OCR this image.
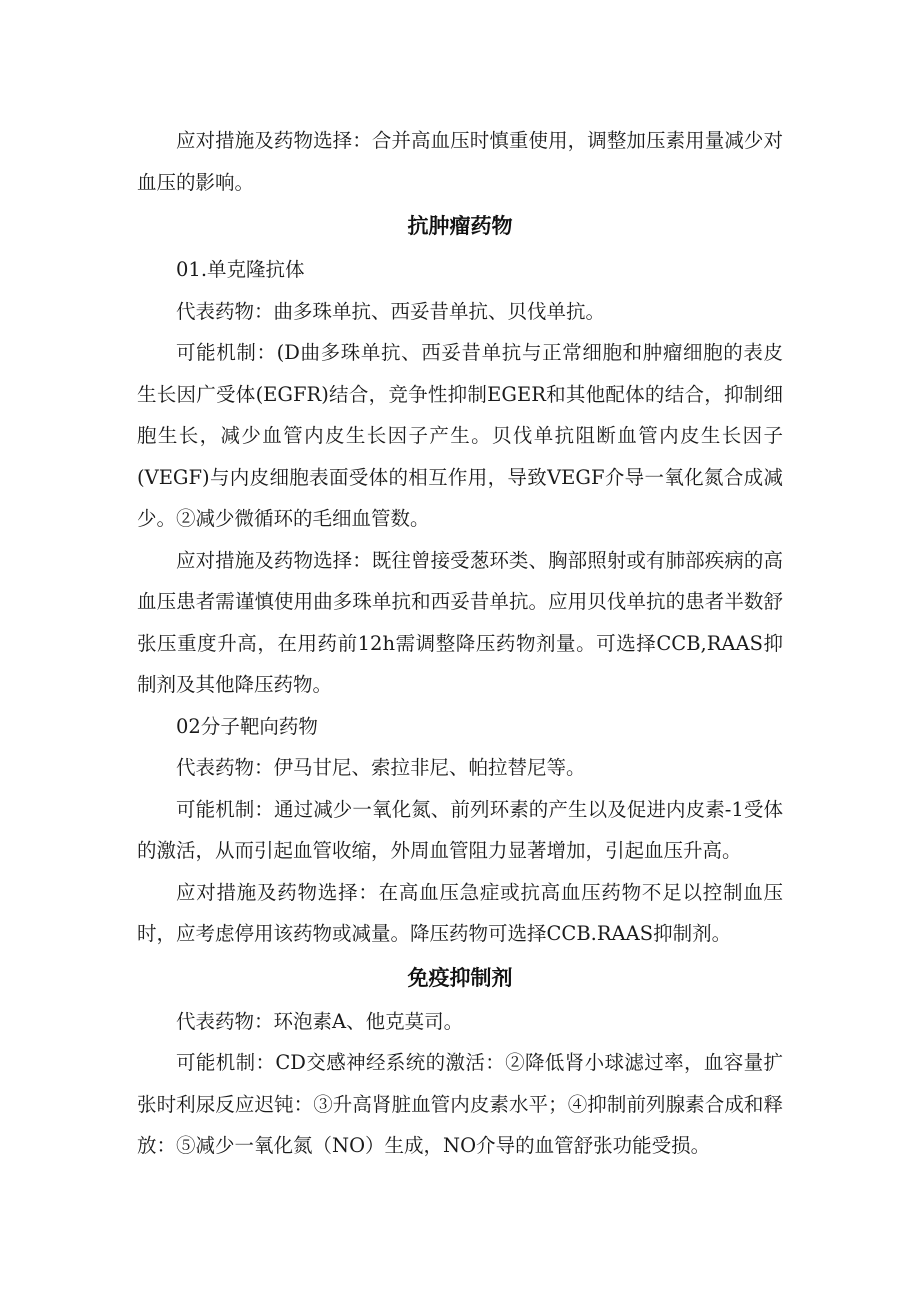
应对措施及药物选择：合并高血压时慎重使用，调整加压素用量减少对血压的影响。

抗肿瘤药物

01.单克隆抗体

代表药物：曲多珠单抗、西妥昔单抗、贝伐单抗。

可能机制：(D曲多珠单抗、西妥昔单抗与正常细胞和肿瘤细胞的表皮生长因广受体(EGFR)结合，竞争性抑制EGER和其他配体的结合，抑制细胞生长，减少血管内皮生长因子产生。贝伐单抗阻断血管内皮生长因子(VEGF)与内皮细胞表面受体的相互作用，导致VEGF介导一氧化氮合成减少。②减少微循环的毛细血管数。

应对措施及药物选择：既往曾接受葱环类、胸部照射或有肺部疾病的高血压患者需谨慎使用曲多珠单抗和西妥昔单抗。应用贝伐单抗的患者半数舒张压重度升高，在用药前12h需调整降压药物剂量。可选择CCB,RAAS抑制剂及其他降压药物。

02分子靶向药物

代表药物：伊马甘尼、索拉非尼、帕拉替尼等。

可能机制：通过减少一氧化氮、前列环素的产生以及促进内皮素-1受体的激活，从而引起血管收缩，外周血管阻力显著增加，引起血压升高。

应对措施及药物选择：在高血压急症或抗高血压药物不足以控制血压时，应考虑停用该药物或减量。降压药物可选择CCB.RAAS抑制剂。

免疫抑制剂

代表药物：环泡素A、他克莫司。

可能机制：CD交感神经系统的激活：②降低肾小球滤过率，血容量扩张时利尿反应迟钝：③升高肾脏血管内皮素水平；④抑制前列腺素合成和释放：⑤减少一氧化氮（NO）生成，NO介导的血管舒张功能受损。
